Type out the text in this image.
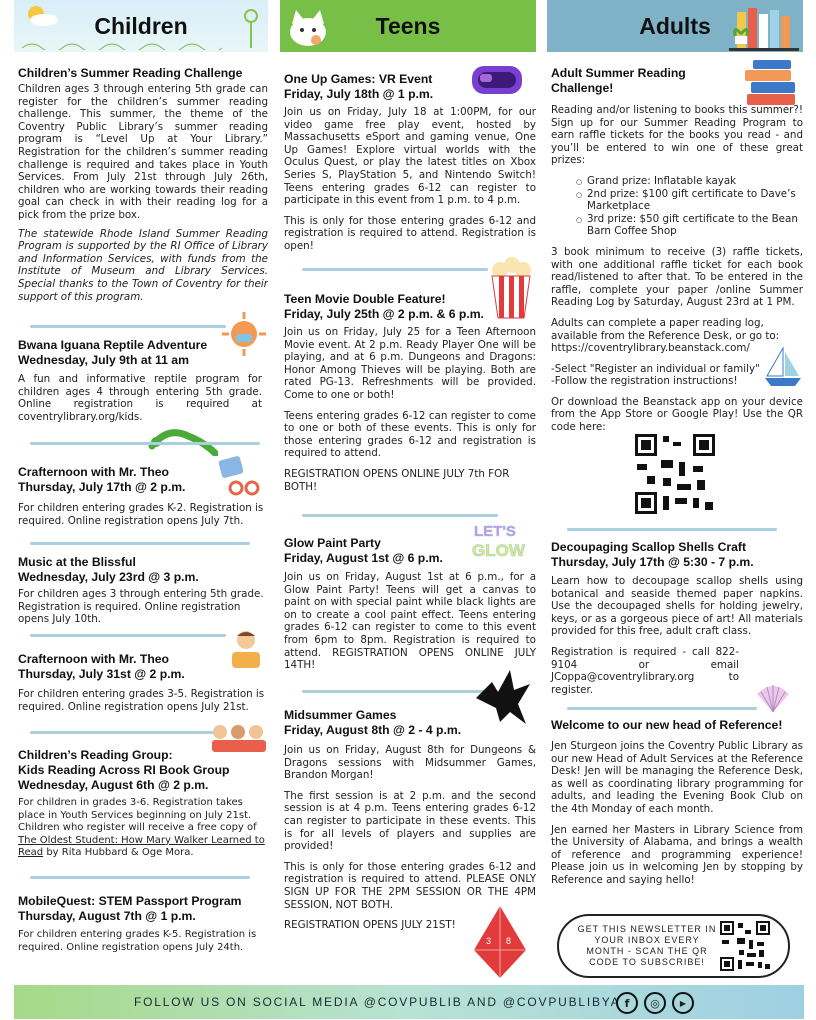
Children
Children’s Summer Reading Challenge
Children ages 3 through entering 5th grade can register for the children’s summer reading challenge. This summer, the theme of the Coventry Public Library’s summer reading program is “Level Up at Your Library.” Registration for the children’s summer reading challenge is required and takes place in Youth Services. From July 21st through July 26th, children who are working towards their reading goal can check in with their reading log for a pick from the prize box.
The statewide Rhode Island Summer Reading Program is supported by the RI Office of Library and Information Services, with funds from the Institute of Museum and Library Services. Special thanks to the Town of Coventry for their support of this program.
Bwana Iguana Reptile Adventure
Wednesday, July 9th at 11 am
A fun and informative reptile program for children ages 4 through entering 5th grade. Online registration is required at coventrylibrary.org/kids.
Crafternoon with Mr. Theo
Thursday, July 17th @ 2 p.m.
For children entering grades K-2. Registration is required. Online registration opens July 7th.
Music at the Blissful
Wednesday, July 23rd @ 3 p.m.
For children ages 3 through entering 5th grade. Registration is required. Online registration opens July 10th.
Crafternoon with Mr. Theo
Thursday, July 31st @ 2 p.m.
For children entering grades 3-5. Registration is required. Online registration opens July 21st.
Children’s Reading Group:
Kids Reading Across RI Book Group
Wednesday, August 6th @ 2 p.m.
For children in grades 3-6. Registration takes place in Youth Services beginning on July 21st. Children who register will receive a free copy of The Oldest Student: How Mary Walker Learned to Read by Rita Hubbard & Oge Mora.
MobileQuest: STEM Passport Program
Thursday, August 7th @ 1 p.m.
For children entering grades K-5. Registration is required. Online registration opens July 24th.
Teens
One Up Games: VR Event
Friday, July 18th @ 1 p.m.
Join us on Friday, July 18 at 1:00PM, for our video game free play event, hosted by Massachusetts eSport and gaming venue, One Up Games! Explore virtual worlds with the Oculus Quest, or play the latest titles on Xbox Series S, PlayStation 5, and Nintendo Switch! Teens entering grades 6-12 can register to participate in this event from 1 p.m. to 4 p.m.
This is only for those entering grades 6-12 and registration is required to attend. Registration is open!
Teen Movie Double Feature!
Friday, July 25th @ 2 p.m. & 6 p.m.
Join us on Friday, July 25 for a Teen Afternoon Movie event. At 2 p.m. Ready Player One will be playing, and at 6 p.m. Dungeons and Dragons: Honor Among Thieves will be playing. Both are rated PG-13. Refreshments will be provided. Come to one or both!
Teens entering grades 6-12 can register to come to one or both of these events. This is only for those entering grades 6-12 and registration is required to attend.
REGISTRATION OPENS ONLINE JULY 7th FOR BOTH!
LET'S
GLOW
Glow Paint Party
Friday, August 1st @ 6 p.m.
Join us on Friday, August 1st at 6 p.m., for a Glow Paint Party! Teens will get a canvas to paint on with special paint while black lights are on to create a cool paint effect. Teens entering grades 6-12 can register to come to this event from 6pm to 8pm. Registration is required to attend. REGISTRATION OPENS ONLINE JULY 14TH!
Midsummer Games
Friday, August 8th @ 2 - 4 p.m.
Join us on Friday, August 8th for Dungeons & Dragons sessions with Midsummer Games, Brandon Morgan!
The first session is at 2 p.m. and the second session is at 4 p.m. Teens entering grades 6-12 can register to participate in these events. This is for all levels of players and supplies are provided!
This is only for those entering grades 6-12 and registration is required to attend. PLEASE ONLY SIGN UP FOR THE 2PM SESSION OR THE 4PM SESSION, NOT BOTH.
REGISTRATION OPENS JULY 21ST!
3 8
Adults
Adult Summer Reading Challenge!
Reading and/or listening to books this summer?! Sign up for our Summer Reading Program to earn raffle tickets for the books you read - and you’ll be entered to win one of these great prizes:
○ Grand prize: Inflatable kayak
○ 2nd prize: $100 gift certificate to Dave’s Marketplace
○ 3rd prize: $50 gift certificate to the Bean Barn Coffee Shop
3 book minimum to receive (3) raffle tickets, with one additional raffle ticket for each book read/listened to after that. To be entered in the raffle, complete your paper /online Summer Reading Log by Saturday, August 23rd at 1 PM.
Adults can complete a paper reading log, available from the Reference Desk, or go to: https://coventrylibrary.beanstack.com/
-Select "Register an individual or family"
-Follow the registration instructions!
Or download the Beanstack app on your device from the App Store or Google Play! Use the QR code here:
Decoupaging Scallop Shells Craft
Thursday, July 17th @ 5:30 - 7 p.m.
Learn how to decoupage scallop shells using botanical and seaside themed paper napkins. Use the decoupaged shells for holding jewelry, keys, or as a gorgeous piece of art! All materials provided for this free, adult craft class.
Registration is required - call 822-9104 or email JCoppa@coventrylibrary.org to register.
Welcome to our new head of Reference!
Jen Sturgeon joins the Coventry Public Library as our new Head of Adult Services at the Reference Desk! Jen will be managing the Reference Desk, as well as coordinating library programming for adults, and leading the Evening Book Club on the 4th Monday of each month.
Jen earned her Masters in Library Science from the University of Alabama, and brings a wealth of reference and programming experience! Please join us in welcoming Jen by stopping by Reference and saying hello!

GET THIS NEWSLETTER IN YOUR INBOX EVERY MONTH - SCAN THE QR CODE TO SUBSCRIBE!

FOLLOW US ON SOCIAL MEDIA @COVPUBLIB AND @COVPUBLIBYA f	◎	▶
